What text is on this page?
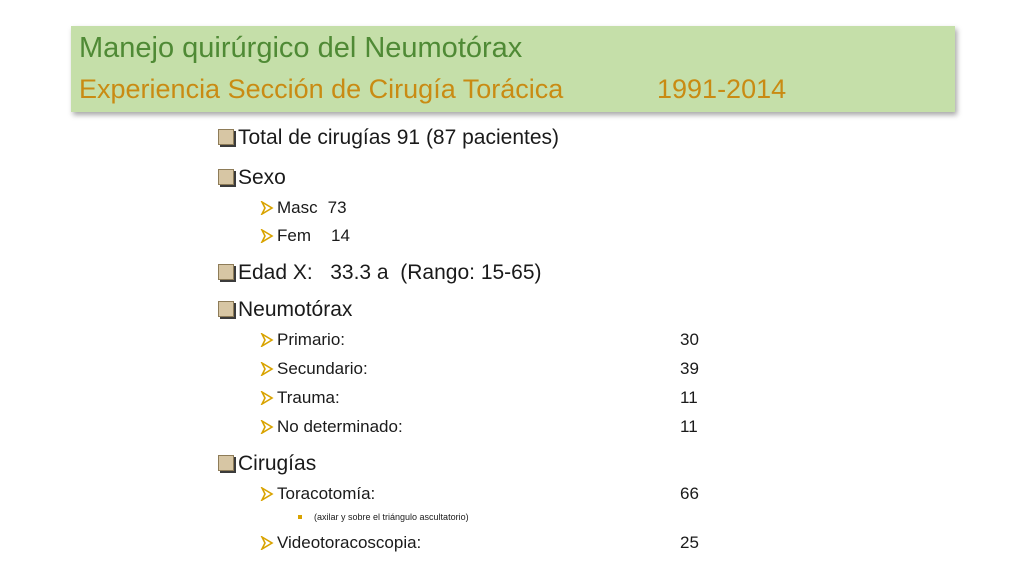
Manejo quirúrgico del Neumotórax
Experiencia Sección de Cirugía Torácica	1991-2014
Total de cirugías 91 (87 pacientes)
Sexo
Masc 73
Fem 14
Edad X:   33.3 a  (Rango: 15-65)
Neumotórax
Primario:	30
Secundario:	39
Trauma:	11
No determinado:	11
Cirugías
Toracotomía:	66
(axilar y sobre el triángulo ascultatorio)
Videotoracoscopia:	25
